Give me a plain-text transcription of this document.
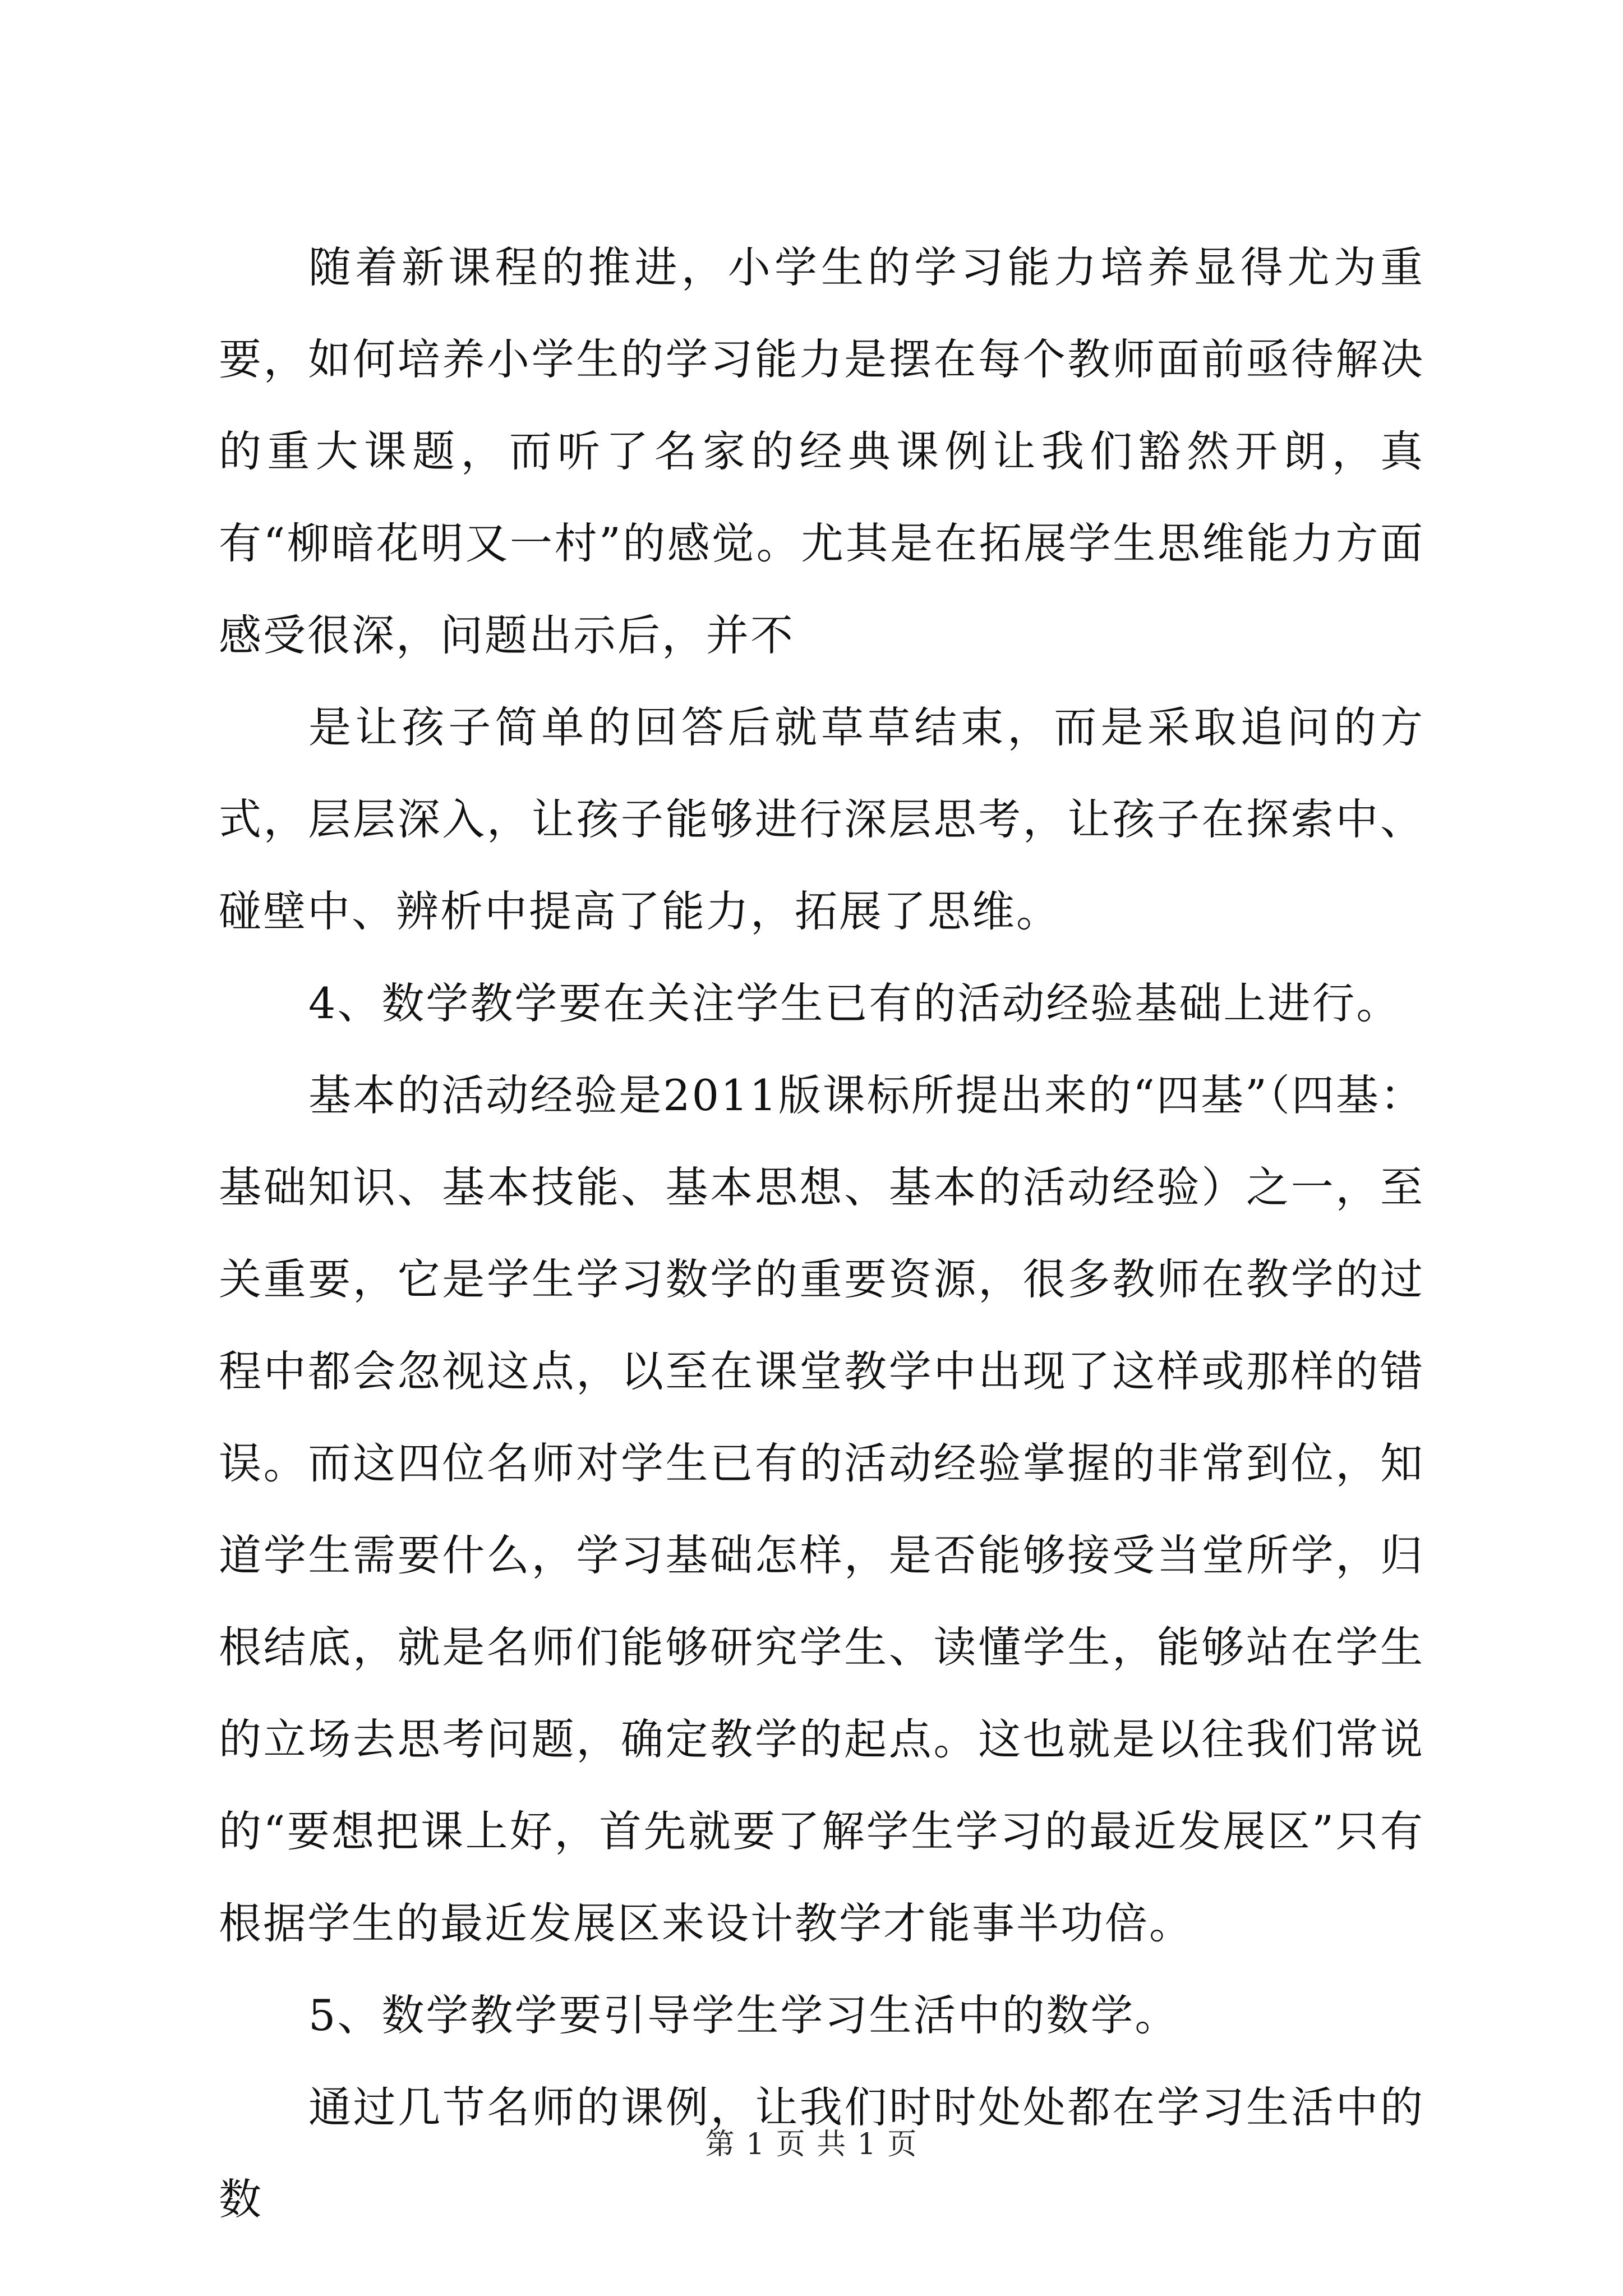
随着新课程的推进，小学生的学习能力培养显得尤为重要，如何培养小学生的学习能力是摆在每个教师面前亟待解决的重大课题，而听了名家的经典课例让我们豁然开朗，真有“柳暗花明又一村”的感觉。尤其是在拓展学生思维能力方面感受很深，问题出示后，并不

是让孩子简单的回答后就草草结束，而是采取追问的方式，层层深入，让孩子能够进行深层思考，让孩子在探索中、碰壁中、辨析中提高了能力，拓展了思维。

4、数学教学要在关注学生已有的活动经验基础上进行。

基本的活动经验是2011版课标所提出来的“四基”（四基：基础知识、基本技能、基本思想、基本的活动经验）之一，至关重要，它是学生学习数学的重要资源，很多教师在教学的过程中都会忽视这点，以至在课堂教学中出现了这样或那样的错误。而这四位名师对学生已有的活动经验掌握的非常到位，知道学生需要什么，学习基础怎样，是否能够接受当堂所学，归根结底，就是名师们能够研究学生、读懂学生，能够站在学生的立场去思考问题，确定教学的起点。这也就是以往我们常说的“要想把课上好，首先就要了解学生学习的最近发展区”只有根据学生的最近发展区来设计教学才能事半功倍。

5、数学教学要引导学生学习生活中的数学。

通过几节名师的课例，让我们时时处处都在学习生活中的数

第 1 页 共 1 页
